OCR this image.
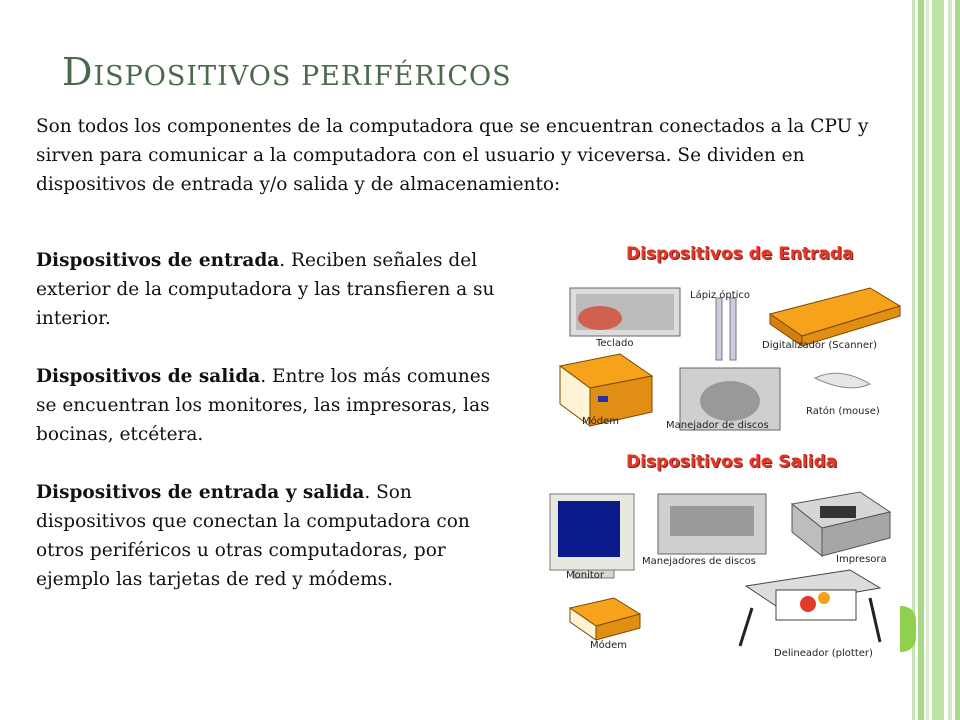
DISPOSITIVOS PERIFÉRICOS
Son todos los componentes de la computadora que se encuentran conectados a la CPU y sirven para comunicar a la computadora con el usuario y viceversa. Se dividen en dispositivos de entrada y/o salida y de almacenamiento:

Dispositivos de entrada. Reciben señales del exterior de la computadora y las transfieren a su interior.

Dispositivos de salida. Entre los más comunes se encuentran los monitores, las impresoras, las bocinas, etcétera.

Dispositivos de entrada y salida. Son dispositivos que conectan la computadora con otros periféricos u otras computadoras, por ejemplo las tarjetas de red y módems.

Dispositivos de Entrada
Dispositivos de Salida
Teclado
Lápiz óptico
Digitalizador (Scanner)
Módem	Manejador de discos
Ratón (mouse)
Monitor
Manejadores de discos	Impresora
Módem
Delineador (plotter)
